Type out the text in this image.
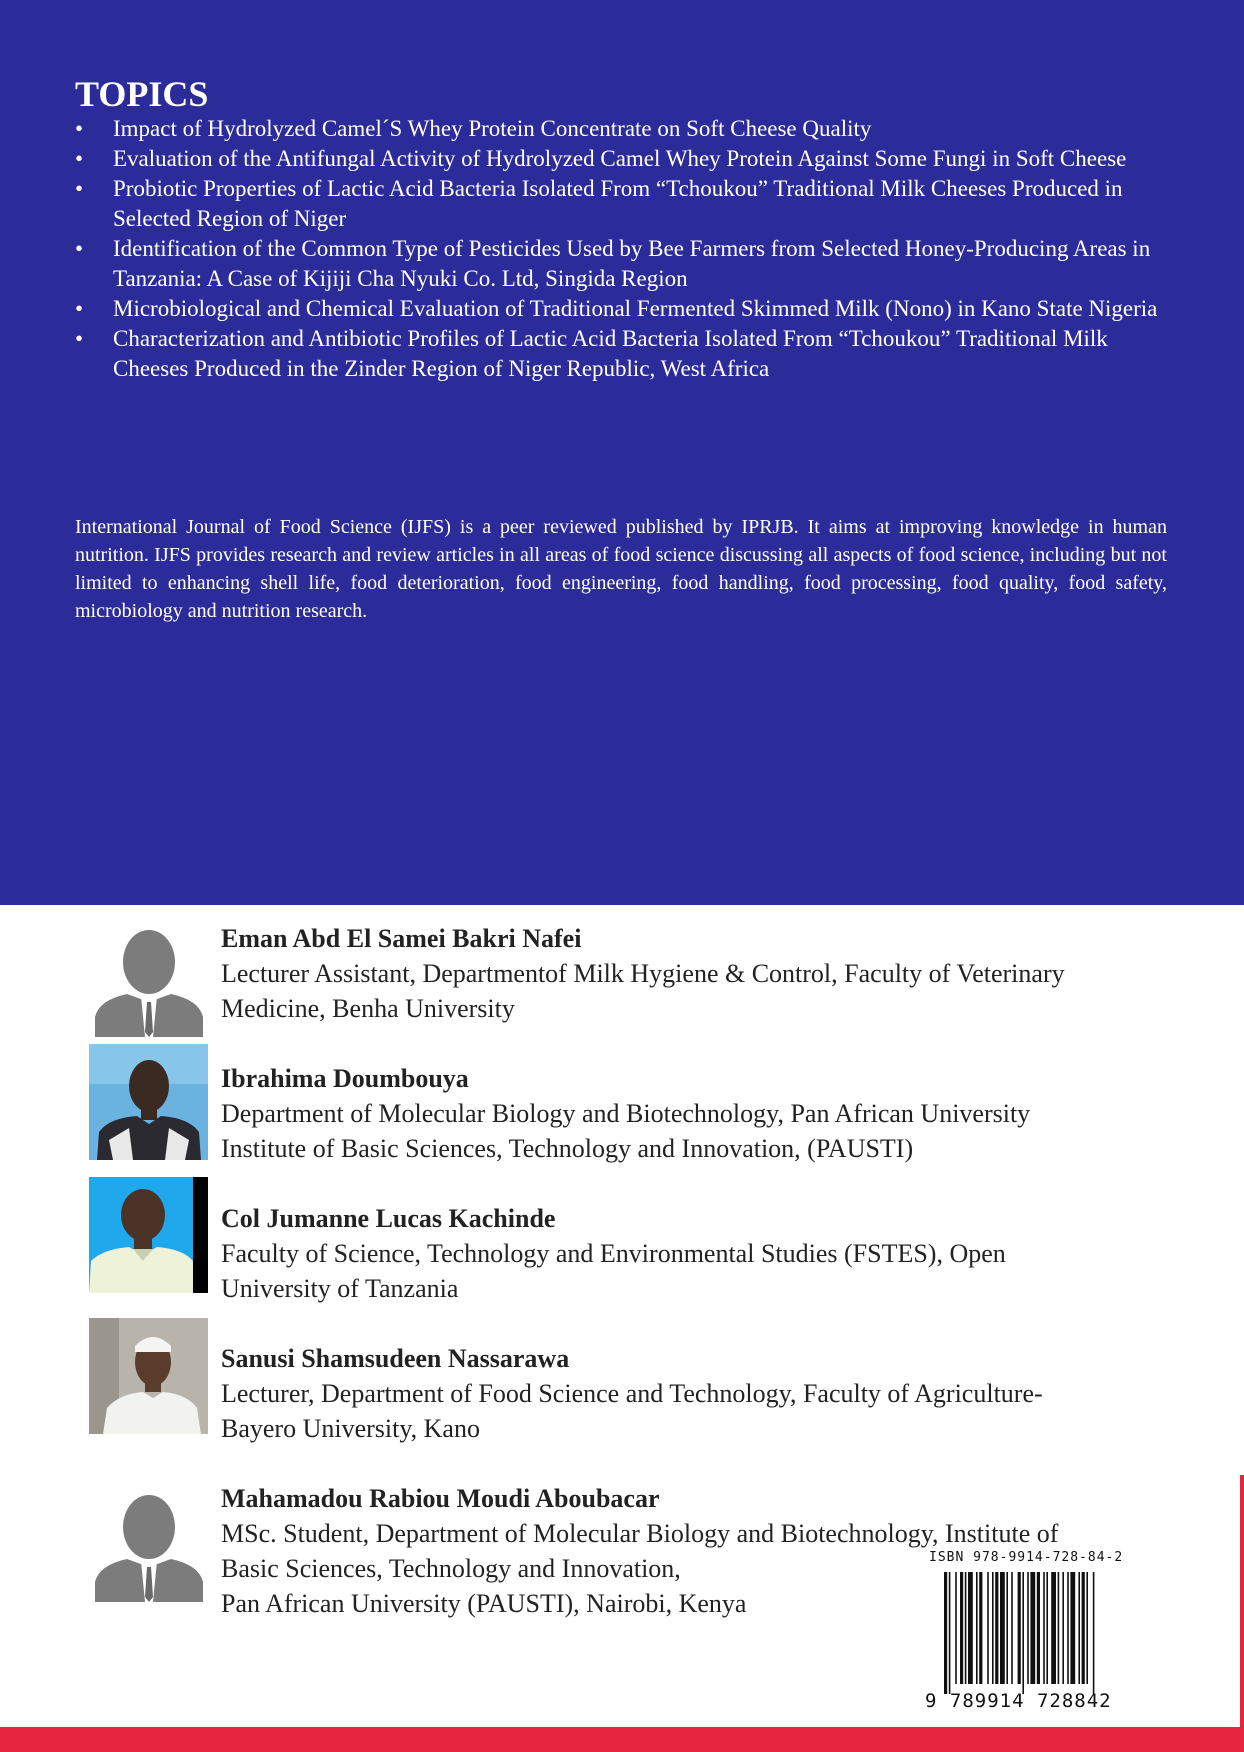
TOPICS
• Impact of Hydrolyzed Camel´S Whey Protein Concentrate on Soft Cheese Quality
• Evaluation of the Antifungal Activity of Hydrolyzed Camel Whey Protein Against Some Fungi in Soft Cheese
• Probiotic Properties of Lactic Acid Bacteria Isolated From “Tchoukou” Traditional Milk Cheeses Produced in Selected Region of Niger
• Identification of the Common Type of Pesticides Used by Bee Farmers from Selected Honey-Producing Areas in Tanzania: A Case of Kijiji Cha Nyuki Co. Ltd, Singida Region
• Microbiological and Chemical Evaluation of Traditional Fermented Skimmed Milk (Nono) in Kano State Nigeria
• Characterization and Antibiotic Profiles of Lactic Acid Bacteria Isolated From “Tchoukou” Traditional Milk Cheeses Produced in the Zinder Region of Niger Republic, West Africa

International Journal of Food Science (IJFS) is a peer reviewed published by IPRJB. It aims at improving knowledge in human nutrition. IJFS provides research and review articles in all areas of food science discussing all aspects of food science, including but not limited to enhancing shell life, food deterioration, food engineering, food handling, food processing, food quality, food safety, microbiology and nutrition research.

Eman Abd El Samei Bakri Nafei

Lecturer Assistant, Departmentof Milk Hygiene & Control, Faculty of Veterinary

Medicine, Benha University

Ibrahima Doumbouya

Department of Molecular Biology and Biotechnology, Pan African University

Institute of Basic Sciences, Technology and Innovation, (PAUSTI)

Col Jumanne Lucas Kachinde

Faculty of Science, Technology and Environmental Studies (FSTES), Open

University of Tanzania

Sanusi Shamsudeen Nassarawa

Lecturer, Department of Food Science and Technology, Faculty of Agriculture-

Bayero University, Kano

Mahamadou Rabiou Moudi Aboubacar

MSc. Student, Department of Molecular Biology and Biotechnology, Institute of

Basic Sciences, Technology and Innovation,

Pan African University (PAUSTI), Nairobi, Kenya

ISBN 978-9914-728-84-2
9 789914 728842
